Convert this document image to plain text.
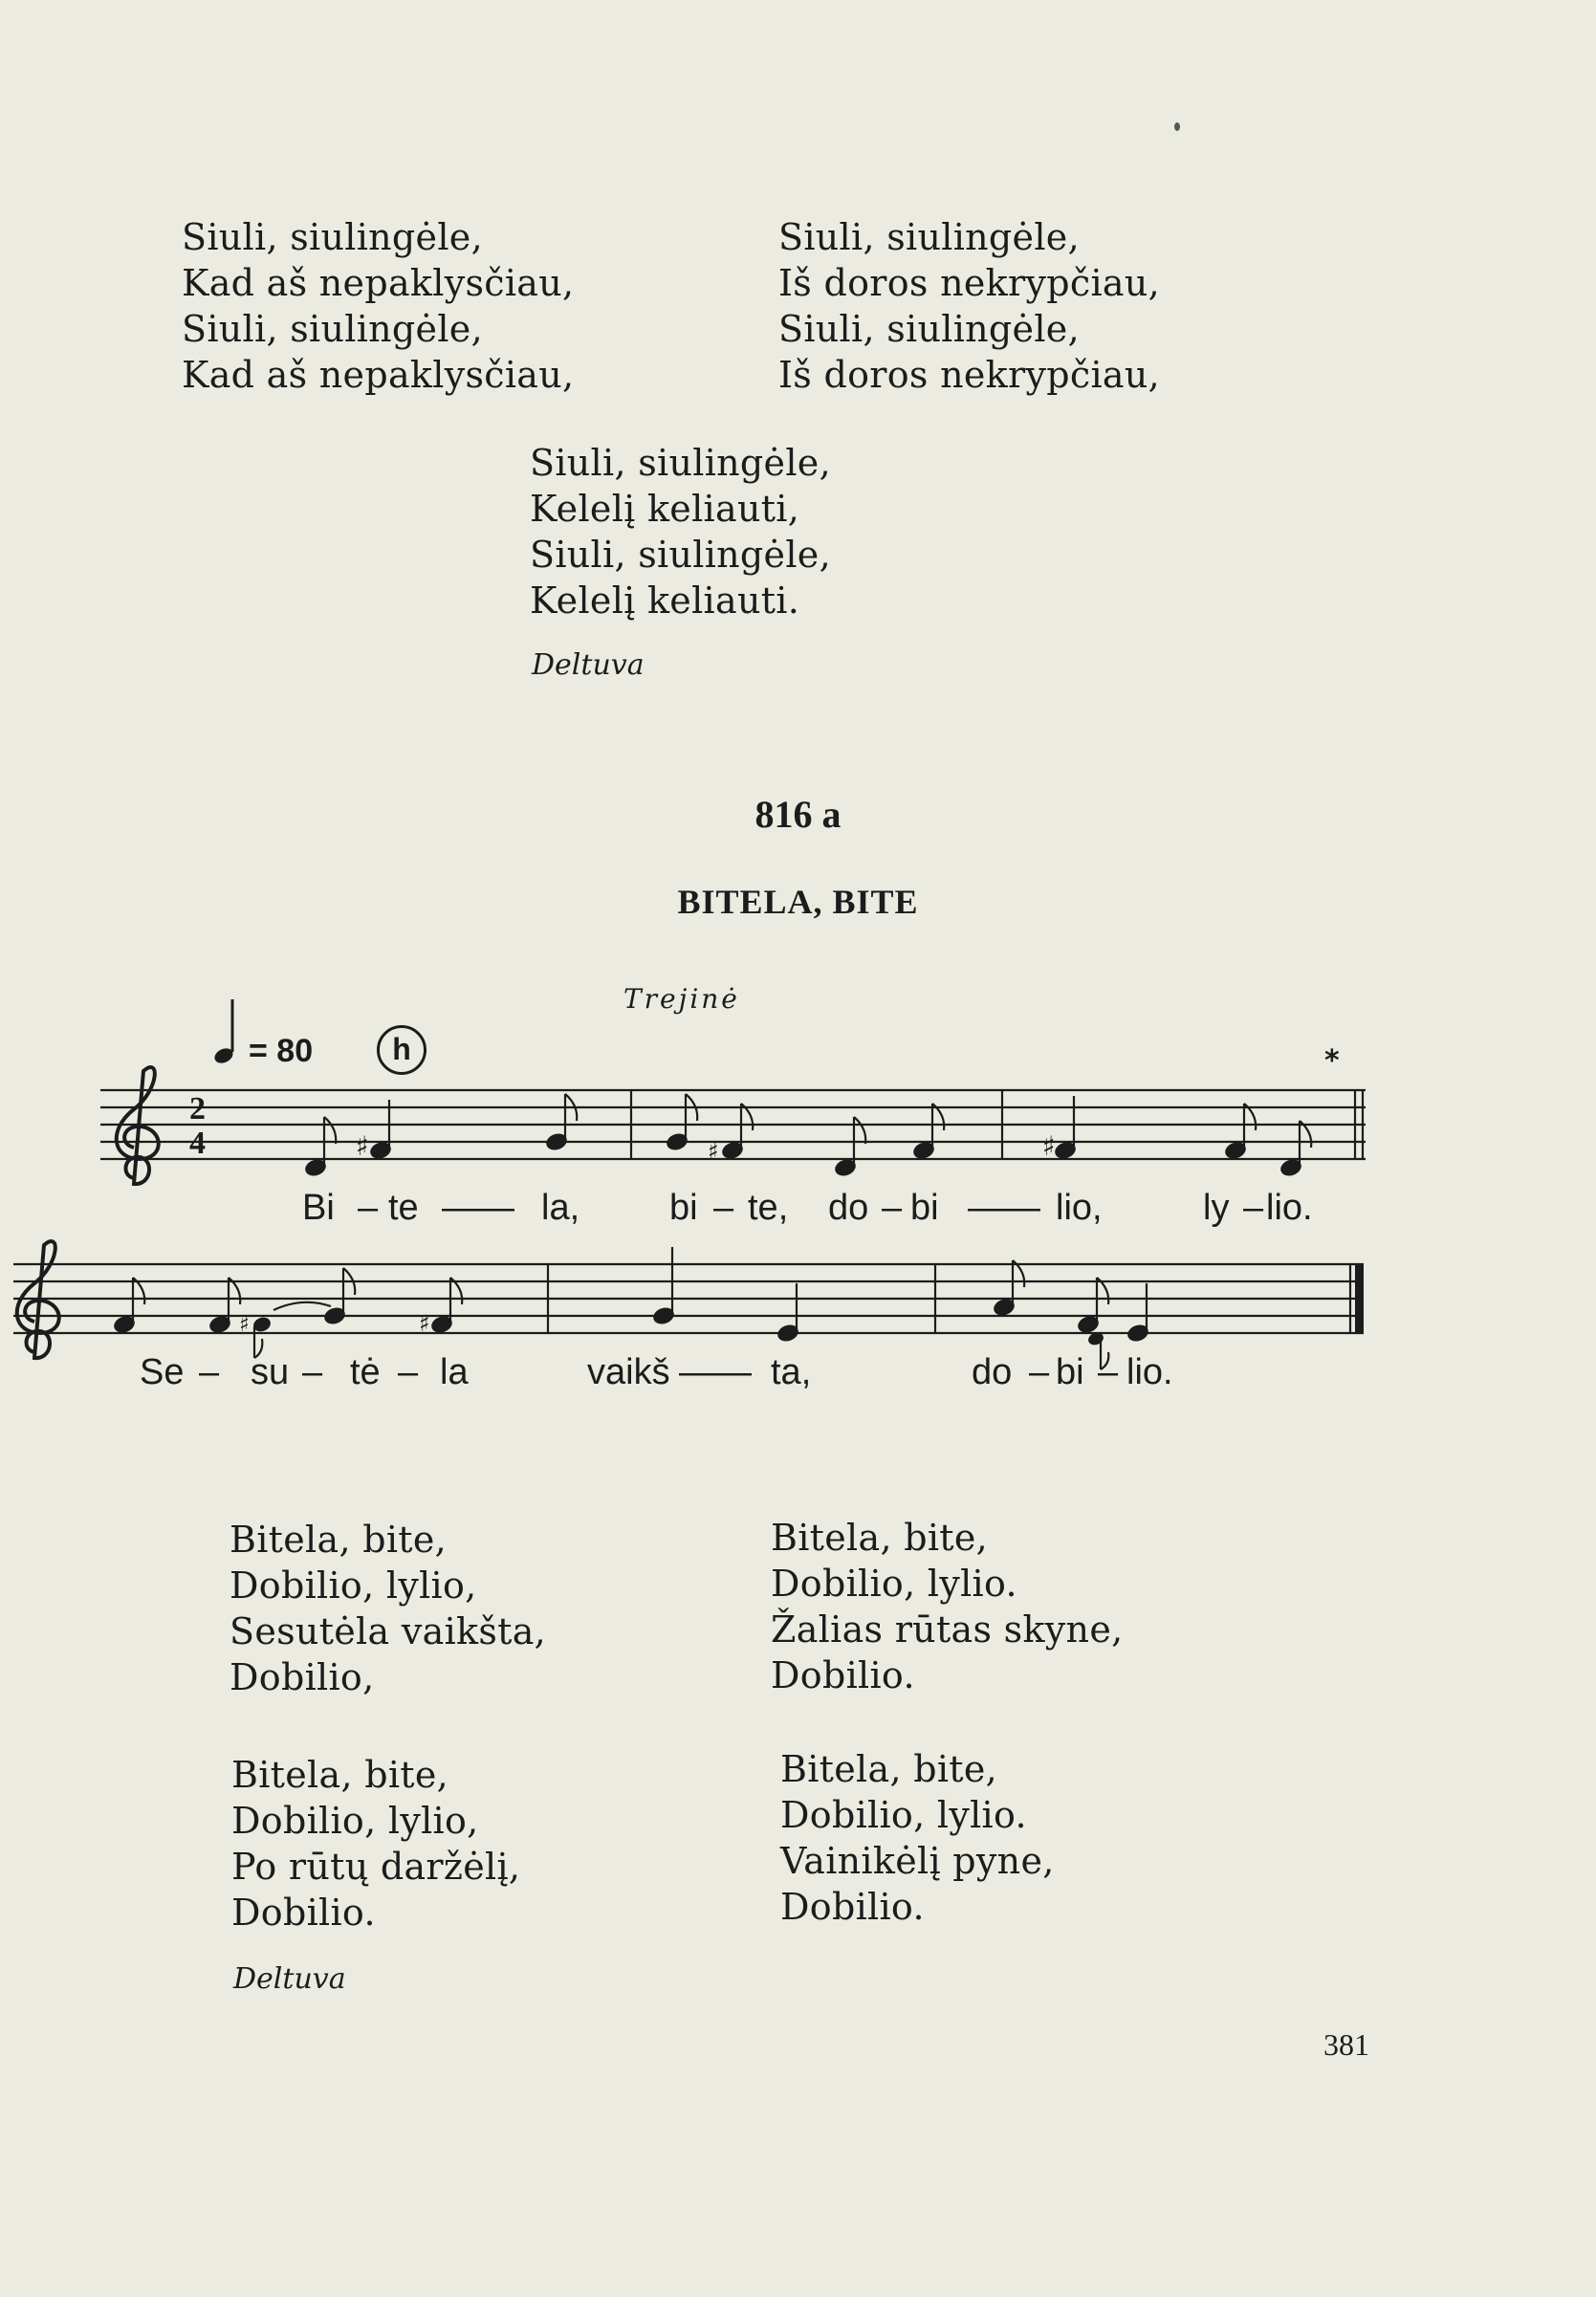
Siuli, siulingėle,
Kad aš nepaklysčiau,
Siuli, siulingėle,
Kad aš nepaklysčiau,
Siuli, siulingėle,
Iš doros nekrypčiau,
Siuli, siulingėle,
Iš doros nekrypčiau,
Siuli, siulingėle,
Kelelį keliauti,
Siuli, siulingėle,
Kelelį keliauti.
Deltuva
816 a
BITELA, BITE
Trejinė
= 80	h	*
2
4	♯	♯	♯
♯	♯
Bi – te —— la, bi – te, do – bi —— lio,	ly – lio.
Se – su – tė – la	vaikš —— ta,	do – bi – lio.
Bitela, bite,
Dobilio, lylio,
Sesutėla vaikšta,
Dobilio,
Bitela, bite,
Dobilio, lylio.
Žalias rūtas skyne,
Dobilio.
Bitela, bite,
Dobilio, lylio,
Po rūtų daržėlį,
Dobilio.
Bitela, bite,
Dobilio, lylio.
Vainikėlį pyne,
Dobilio.
Deltuva
381
